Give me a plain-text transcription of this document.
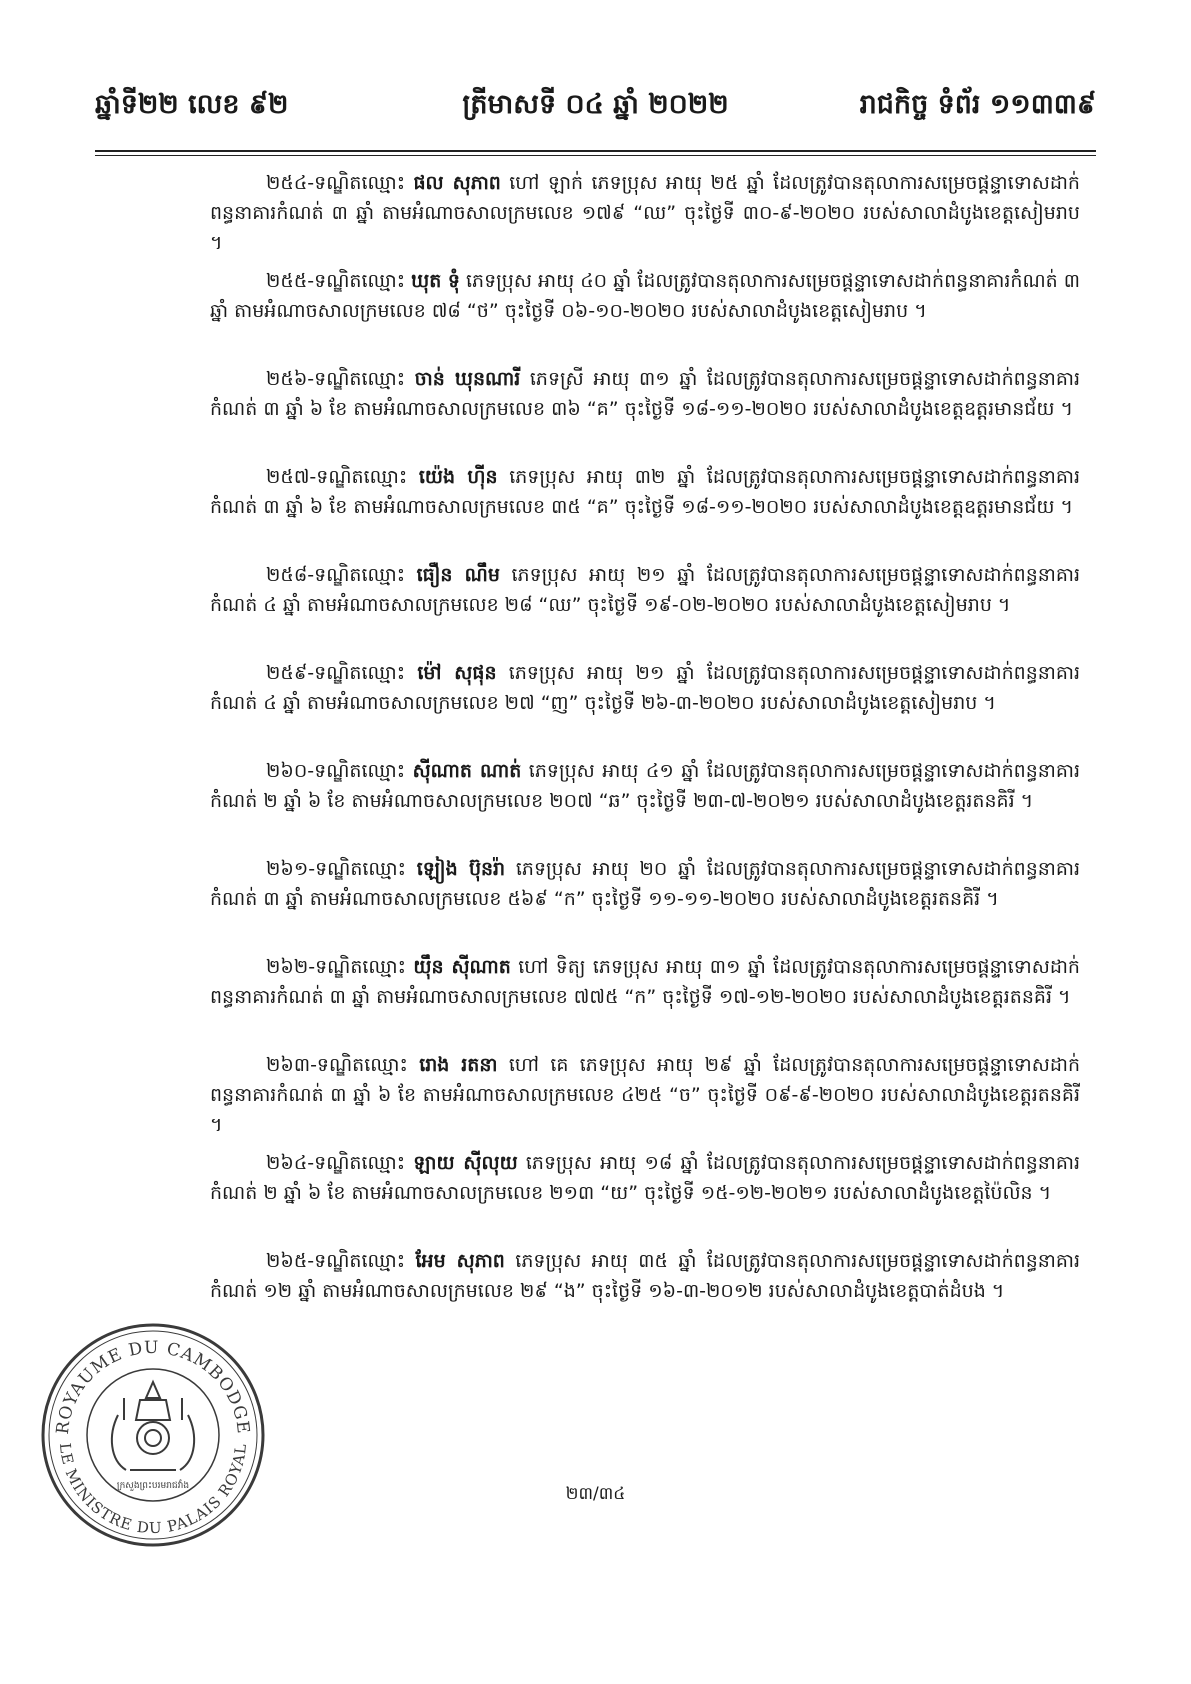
ឆ្នាំទី២២ លេខ ៩២	ត្រីមាសទី ០៤ ឆ្នាំ ២០២២	រាជកិច្ច ទំព័រ ១១៣៣៩

២៥៤-ទណ្ឌិតឈ្មោះ ផល សុភាព ហៅ ឡាក់ ភេទប្រុស អាយុ ២៥ ឆ្នាំ ដែលត្រូវបានតុលាការសម្រេចផ្តន្ទាទោសដាក់ពន្ធនាគារកំណត់ ៣ ឆ្នាំ តាមអំណាចសាលក្រមលេខ ១៧៩ “ឈ” ចុះថ្ងៃទី ៣០-៩-២០២០ របស់សាលាដំបូងខេត្តសៀមរាប ។

២៥៥-ទណ្ឌិតឈ្មោះ ឃុត ទុំ ភេទប្រុស អាយុ ៤០ ឆ្នាំ ដែលត្រូវបានតុលាការសម្រេចផ្តន្ទាទោសដាក់ពន្ធនាគារកំណត់ ៣ ឆ្នាំ តាមអំណាចសាលក្រមលេខ ៧៨ “ថ” ចុះថ្ងៃទី ០៦-១០-២០២០ របស់សាលាដំបូងខេត្តសៀមរាប ។

២៥៦-ទណ្ឌិតឈ្មោះ ចាន់ ឃុនណារី ភេទស្រី អាយុ ៣១ ឆ្នាំ ដែលត្រូវបានតុលាការសម្រេចផ្តន្ទាទោសដាក់ពន្ធនាគារកំណត់ ៣ ឆ្នាំ ៦ ខែ តាមអំណាចសាលក្រមលេខ ៣៦ “គ” ចុះថ្ងៃទី ១៨-១១-២០២០ របស់សាលាដំបូងខេត្តឧត្តរមានជ័យ ។

២៥៧-ទណ្ឌិតឈ្មោះ យ៉េង ហ៊ីន ភេទប្រុស អាយុ ៣២ ឆ្នាំ ដែលត្រូវបានតុលាការសម្រេចផ្តន្ទាទោសដាក់ពន្ធនាគារកំណត់ ៣ ឆ្នាំ ៦ ខែ តាមអំណាចសាលក្រមលេខ ៣៥ “គ” ចុះថ្ងៃទី ១៨-១១-២០២០ របស់សាលាដំបូងខេត្តឧត្តរមានជ័យ ។

២៥៨-ទណ្ឌិតឈ្មោះ ធឿន ណឹម ភេទប្រុស អាយុ ២១ ឆ្នាំ ដែលត្រូវបានតុលាការសម្រេចផ្តន្ទាទោសដាក់ពន្ធនាគារកំណត់ ៤ ឆ្នាំ តាមអំណាចសាលក្រមលេខ ២៨ “ឈ” ចុះថ្ងៃទី ១៩-០២-២០២០ របស់សាលាដំបូងខេត្តសៀមរាប ។

២៥៩-ទណ្ឌិតឈ្មោះ ម៉ៅ សុផុន ភេទប្រុស អាយុ ២១ ឆ្នាំ ដែលត្រូវបានតុលាការសម្រេចផ្តន្ទាទោសដាក់ពន្ធនាគារកំណត់ ៤ ឆ្នាំ តាមអំណាចសាលក្រមលេខ ២៧ “ញ” ចុះថ្ងៃទី ២៦-៣-២០២០ របស់សាលាដំបូងខេត្តសៀមរាប ។

២៦០-ទណ្ឌិតឈ្មោះ ស៊ីណាត ណាត់ ភេទប្រុស អាយុ ៤១ ឆ្នាំ ដែលត្រូវបានតុលាការសម្រេចផ្តន្ទាទោសដាក់ពន្ធនាគារកំណត់ ២ ឆ្នាំ ៦ ខែ តាមអំណាចសាលក្រមលេខ ២០៧ “ឆ” ចុះថ្ងៃទី ២៣-៧-២០២១ របស់សាលាដំបូងខេត្តរតនគិរី ។

២៦១-ទណ្ឌិតឈ្មោះ ឡៀង ប៊ុនរ៉ា ភេទប្រុស អាយុ ២០ ឆ្នាំ ដែលត្រូវបានតុលាការសម្រេចផ្តន្ទាទោសដាក់ពន្ធនាគារកំណត់ ៣ ឆ្នាំ តាមអំណាចសាលក្រមលេខ ៥៦៩ “ក” ចុះថ្ងៃទី ១១-១១-២០២០ របស់សាលាដំបូងខេត្តរតនគិរី ។

២៦២-ទណ្ឌិតឈ្មោះ យ៉ឹន ស៊ីណាត ហៅ ទិត្យ ភេទប្រុស អាយុ ៣១ ឆ្នាំ ដែលត្រូវបានតុលាការសម្រេចផ្តន្ទាទោសដាក់ពន្ធនាគារកំណត់ ៣ ឆ្នាំ តាមអំណាចសាលក្រមលេខ ៧៧៥ “ក” ចុះថ្ងៃទី ១៧-១២-២០២០ របស់សាលាដំបូងខេត្តរតនគិរី ។

២៦៣-ទណ្ឌិតឈ្មោះ រោង រតនា ហៅ គេ ភេទប្រុស អាយុ ២៩ ឆ្នាំ ដែលត្រូវបានតុលាការសម្រេចផ្តន្ទាទោសដាក់ពន្ធនាគារកំណត់ ៣ ឆ្នាំ ៦ ខែ តាមអំណាចសាលក្រមលេខ ៤២៥ “ច” ចុះថ្ងៃទី ០៩-៩-២០២០ របស់សាលាដំបូងខេត្តរតនគិរី ។

២៦៤-ទណ្ឌិតឈ្មោះ ឡាយ ស៊ីលុយ ភេទប្រុស អាយុ ១៨ ឆ្នាំ ដែលត្រូវបានតុលាការសម្រេចផ្តន្ទាទោសដាក់ពន្ធនាគារកំណត់ ២ ឆ្នាំ ៦ ខែ តាមអំណាចសាលក្រមលេខ ២១៣ “យ” ចុះថ្ងៃទី ១៥-១២-២០២១ របស់សាលាដំបូងខេត្តប៉ៃលិន ។

២៦៥-ទណ្ឌិតឈ្មោះ អែម សុភាព ភេទប្រុស អាយុ ៣៥ ឆ្នាំ ដែលត្រូវបានតុលាការសម្រេចផ្តន្ទាទោសដាក់ពន្ធនាគារកំណត់ ១២ ឆ្នាំ តាមអំណាចសាលក្រមលេខ ២៩ “ង” ចុះថ្ងៃទី ១៦-៣-២០១២ របស់សាលាដំបូងខេត្តបាត់ដំបង ។

២៣/៣៤
ROYAUME DU CAMBODGE
LE MINISTRE DU PALAIS ROYAL
ក្រសួងព្រះបរមរាជវាំង
